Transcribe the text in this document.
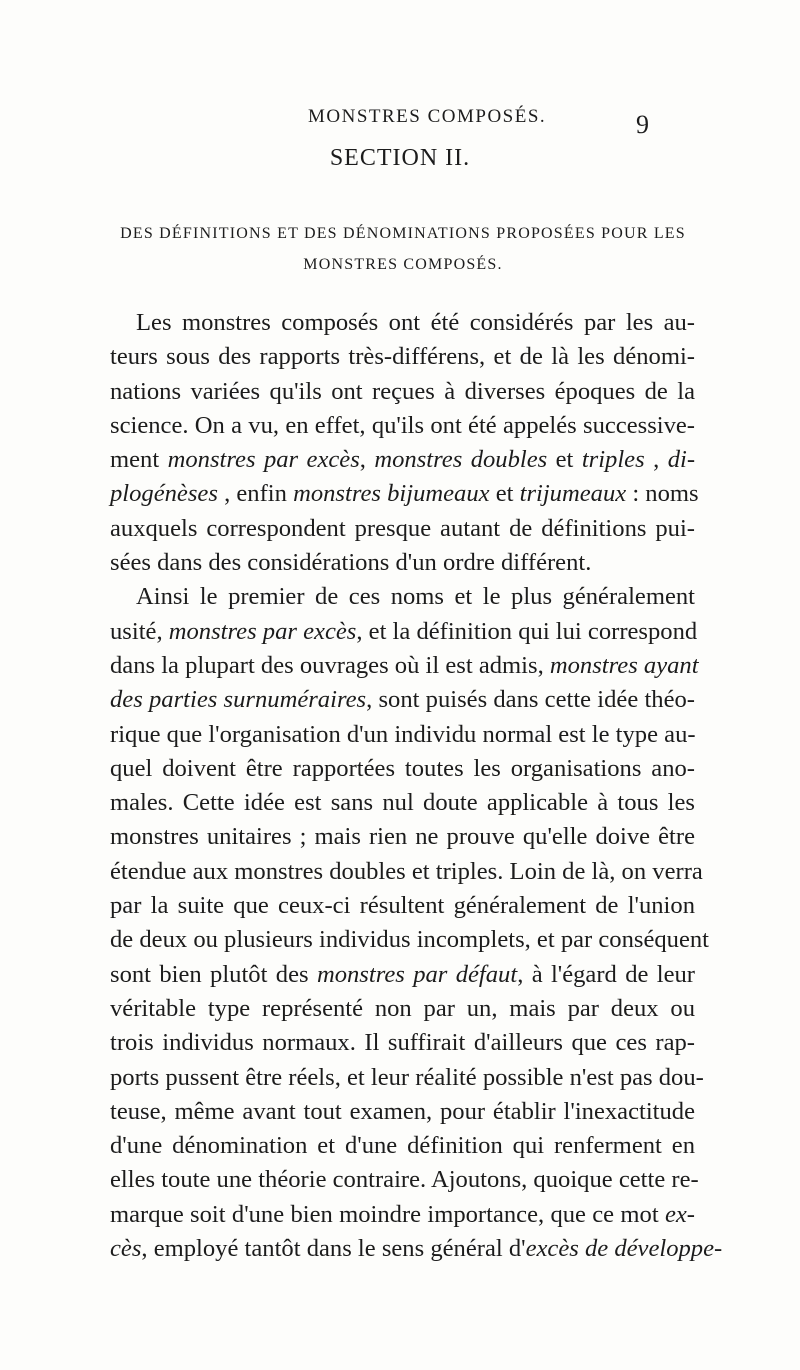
MONSTRES COMPOSÉS.	9
SECTION II.
DES DÉFINITIONS ET DES DÉNOMINATIONS PROPOSÉES POUR LES
MONSTRES COMPOSÉS.
Les monstres composés ont été considérés par les au-
teurs sous des rapports très-différens, et de là les dénomi-
nations variées qu'ils ont reçues à diverses époques de la
science. On a vu, en effet, qu'ils ont été appelés successive-
ment monstres par excès, monstres doubles et triples , di-
plogénèses , enfin monstres bijumeaux et trijumeaux : noms
auxquels correspondent presque autant de définitions pui-
sées dans des considérations d'un ordre différent.
Ainsi le premier de ces noms et le plus généralement
usité, monstres par excès, et la définition qui lui correspond
dans la plupart des ouvrages où il est admis, monstres ayant
des parties surnuméraires, sont puisés dans cette idée théo-
rique que l'organisation d'un individu normal est le type au-
quel doivent être rapportées toutes les organisations ano-
males. Cette idée est sans nul doute applicable à tous les
monstres unitaires ; mais rien ne prouve qu'elle doive être
étendue aux monstres doubles et triples. Loin de là, on verra
par la suite que ceux-ci résultent généralement de l'union
de deux ou plusieurs individus incomplets, et par conséquent
sont bien plutôt des monstres par défaut, à l'égard de leur
véritable type représenté non par un, mais par deux ou
trois individus normaux. Il suffirait d'ailleurs que ces rap-
ports pussent être réels, et leur réalité possible n'est pas dou-
teuse, même avant tout examen, pour établir l'inexactitude
d'une dénomination et d'une définition qui renferment en
elles toute une théorie contraire. Ajoutons, quoique cette re-
marque soit d'une bien moindre importance, que ce mot ex-
cès, employé tantôt dans le sens général d'excès de développe-
